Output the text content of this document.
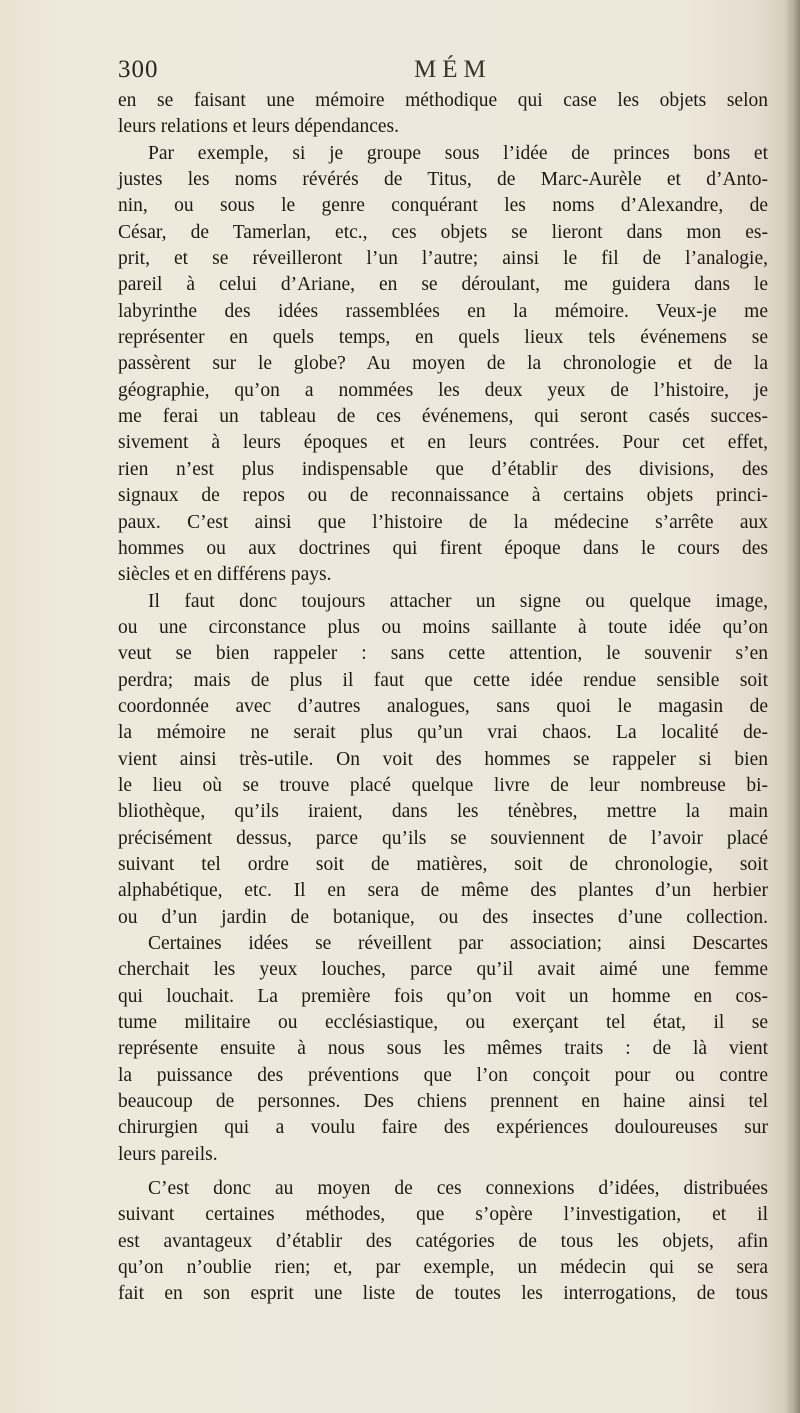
300	MÉM
en se faisant une mémoire méthodique qui case les objets selon
leurs relations et leurs dépendances.
Par exemple, si je groupe sous l’idée de princes bons et
justes les noms révérés de Titus, de Marc-Aurèle et d’Anto-
nin, ou sous le genre conquérant les noms d’Alexandre, de
César, de Tamerlan, etc., ces objets se lieront dans mon es-
prit, et se réveilleront l’un l’autre; ainsi le fil de l’analogie,
pareil à celui d’Ariane, en se déroulant, me guidera dans le
labyrinthe des idées rassemblées en la mémoire. Veux-je me
représenter en quels temps, en quels lieux tels événemens se
passèrent sur le globe? Au moyen de la chronologie et de la
géographie, qu’on a nommées les deux yeux de l’histoire, je
me ferai un tableau de ces événemens, qui seront casés succes-
sivement à leurs époques et en leurs contrées. Pour cet effet,
rien n’est plus indispensable que d’établir des divisions, des
signaux de repos ou de reconnaissance à certains objets princi-
paux. C’est ainsi que l’histoire de la médecine s’arrête aux
hommes ou aux doctrines qui firent époque dans le cours des
siècles et en différens pays.
Il faut donc toujours attacher un signe ou quelque image,
ou une circonstance plus ou moins saillante à toute idée qu’on
veut se bien rappeler : sans cette attention, le souvenir s’en
perdra; mais de plus il faut que cette idée rendue sensible soit
coordonnée avec d’autres analogues, sans quoi le magasin de
la mémoire ne serait plus qu’un vrai chaos. La localité de-
vient ainsi très-utile. On voit des hommes se rappeler si bien
le lieu où se trouve placé quelque livre de leur nombreuse bi-
bliothèque, qu’ils iraient, dans les ténèbres, mettre la main
précisément dessus, parce qu’ils se souviennent de l’avoir placé
suivant tel ordre soit de matières, soit de chronologie, soit
alphabétique, etc. Il en sera de même des plantes d’un herbier
ou d’un jardin de botanique, ou des insectes d’une collection.
Certaines idées se réveillent par association; ainsi Descartes
cherchait les yeux louches, parce qu’il avait aimé une femme
qui louchait. La première fois qu’on voit un homme en cos-
tume militaire ou ecclésiastique, ou exerçant tel état, il se
représente ensuite à nous sous les mêmes traits : de là vient
la puissance des préventions que l’on conçoit pour ou contre
beaucoup de personnes. Des chiens prennent en haine ainsi tel
chirurgien qui a voulu faire des expériences douloureuses sur
leurs pareils.
C’est donc au moyen de ces connexions d’idées, distribuées
suivant certaines méthodes, que s’opère l’investigation, et il
est avantageux d’établir des catégories de tous les objets, afin
qu’on n’oublie rien; et, par exemple, un médecin qui se sera
fait en son esprit une liste de toutes les interrogations, de tous
